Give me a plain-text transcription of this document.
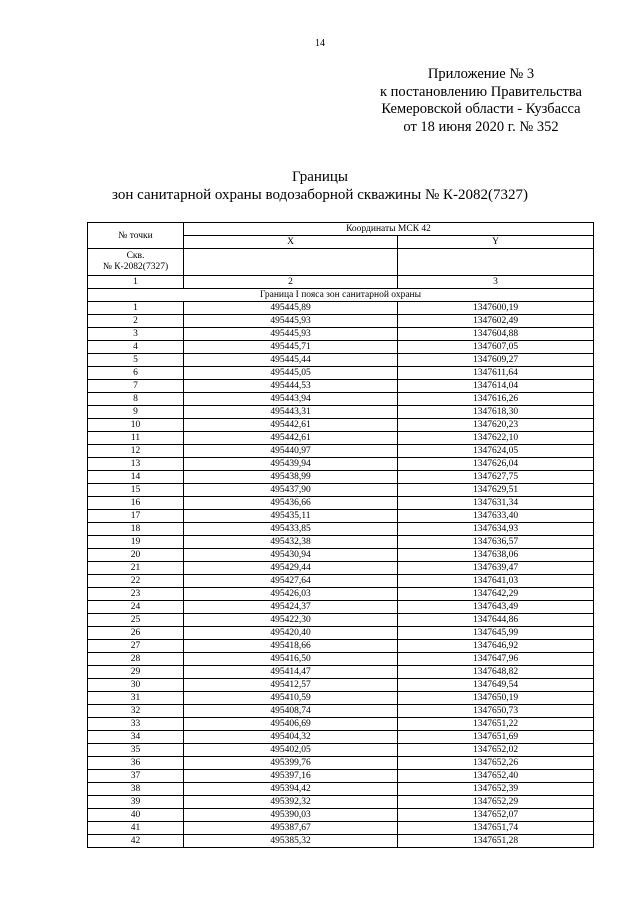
14
Приложение № 3
к постановлению Правительства
Кемеровской области - Кузбасса
от 18 июня 2020 г. № 352
Границы
зон санитарной охраны водозаборной скважины № К-2082(7327)
№ точки	Координаты МСК 42	
	X	Y

Скв.
№ К-2082(7327)		

1	2	3
Граница I пояса зон санитарной охраны		
1	495445,89	1347600,19
2	495445,93	1347602,49
3	495445,93	1347604,88
4	495445,71	1347607,05
5	495445,44	1347609,27
6	495445,05	1347611,64
7	495444,53	1347614,04
8	495443,94	1347616,26
9	495443,31	1347618,30
10	495442,61	1347620,23
11	495442,61	1347622,10
12	495440,97	1347624,05
13	495439,94	1347626,04
14	495438,99	1347627,75
15	495437,90	1347629,51
16	495436,66	1347631,34
17	495435,11	1347633,40
18	495433,85	1347634,93
19	495432,38	1347636,57
20	495430,94	1347638,06
21	495429,44	1347639,47
22	495427,64	1347641,03
23	495426,03	1347642,29
24	495424,37	1347643,49
25	495422,30	1347644,86
26	495420,40	1347645,99
27	495418,66	1347646,92
28	495416,50	1347647,96
29	495414,47	1347648,82
30	495412,57	1347649,54
31	495410,59	1347650,19
32	495408,74	1347650,73
33	495406,69	1347651,22
34	495404,32	1347651,69
35	495402,05	1347652,02
36	495399,76	1347652,26
37	495397,16	1347652,40
38	495394,42	1347652,39
39	495392,32	1347652,29
40	495390,03	1347652,07
41	495387,67	1347651,74
42	495385,32	1347651,28
